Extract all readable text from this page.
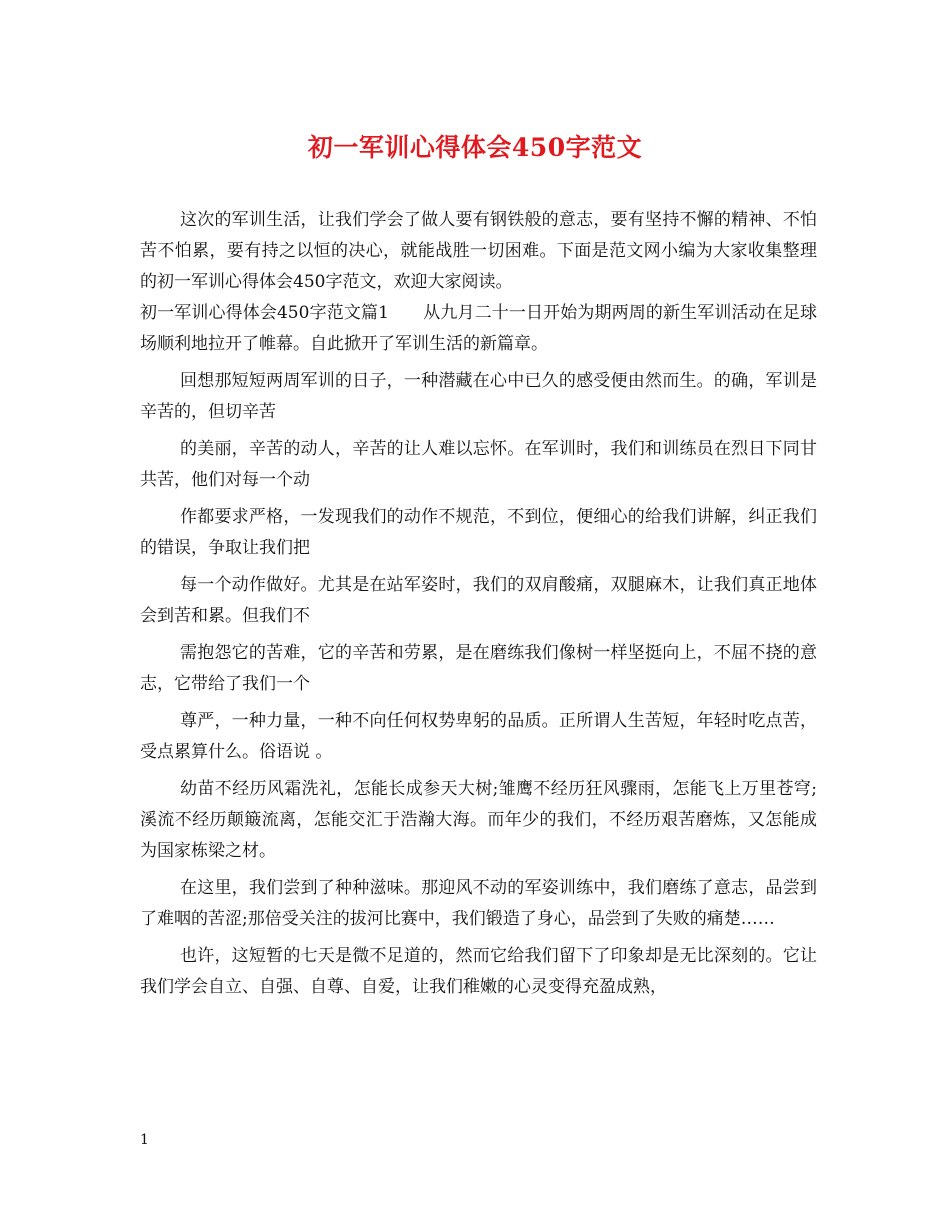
初一军训心得体会450字范文

这次的军训生活，让我们学会了做人要有钢铁般的意志，要有坚持不懈的精神、不怕苦不怕累，要有持之以恒的决心，就能战胜一切困难。下面是范文网小编为大家收集整理的初一军训心得体会450字范文，欢迎大家阅读。

初一军训心得体会450字范文篇1　　从九月二十一日开始为期两周的新生军训活动在足球场顺利地拉开了帷幕。自此掀开了军训生活的新篇章。

回想那短短两周军训的日子，一种潜藏在心中已久的感受便由然而生。的确，军训是辛苦的，但切辛苦

的美丽，辛苦的动人，辛苦的让人难以忘怀。在军训时，我们和训练员在烈日下同甘共苦，他们对每一个动

作都要求严格，一发现我们的动作不规范，不到位，便细心的给我们讲解，纠正我们的错误，争取让我们把

每一个动作做好。尤其是在站军姿时，我们的双肩酸痛，双腿麻木，让我们真正地体会到苦和累。但我们不

需抱怨它的苦难，它的辛苦和劳累，是在磨练我们像树一样坚挺向上，不屈不挠的意志，它带给了我们一个

尊严，一种力量，一种不向任何权势卑躬的品质。正所谓人生苦短，年轻时吃点苦，受点累算什么。俗语说 。

幼苗不经历风霜洗礼，怎能长成参天大树;雏鹰不经历狂风骤雨，怎能飞上万里苍穹;溪流不经历颠簸流离，怎能交汇于浩瀚大海。而年少的我们，不经历艰苦磨炼，又怎能成为国家栋梁之材。

在这里，我们尝到了种种滋味。那迎风不动的军姿训练中，我们磨练了意志，品尝到了难咽的苦涩;那倍受关注的拔河比赛中，我们锻造了身心，品尝到了失败的痛楚……

也许，这短暂的七天是微不足道的，然而它给我们留下了印象却是无比深刻的。它让我们学会自立、自强、自尊、自爱，让我们稚嫩的心灵变得充盈成熟，

1
